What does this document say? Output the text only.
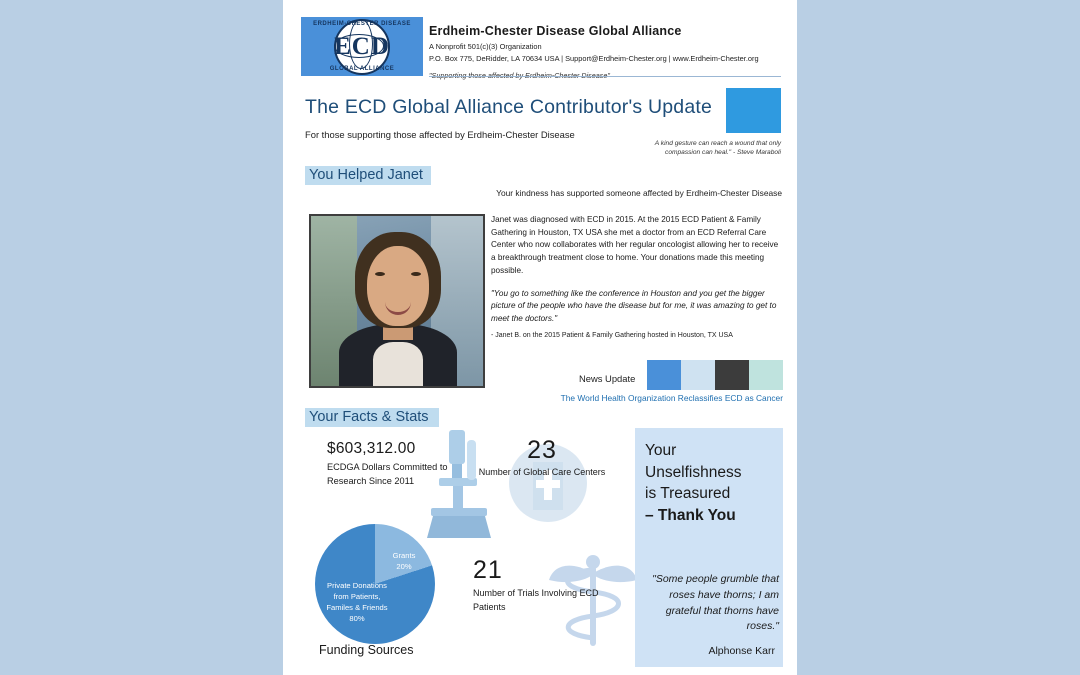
ERDHEIM-CHESTER DISEASE
ECD
GLOBAL ALLIANCE
Erdheim-Chester Disease Global Alliance
A Nonprofit 501(c)(3) Organization
P.O. Box 775, DeRidder, LA 70634 USA | Support@Erdheim-Chester.org | www.Erdheim-Chester.org
The ECD Global Alliance Contributor's Update
For those supporting those affected by Erdheim-Chester Disease
A kind gesture can reach a wound that only compassion can heal." - Steve Maraboli
You Helped Janet
Your kindness has supported someone affected by Erdheim-Chester Disease

Janet was diagnosed with ECD in 2015. At the 2015 ECD Patient & Family Gathering in Houston, TX USA she met a doctor from an ECD Referral Care Center who now collaborates with her regular oncologist allowing her to receive a breakthrough treatment close to home. Your donations made this meeting possible.

"You go to something like the conference in Houston and you get the bigger picture of the people who have the disease but for me, it was amazing to get to meet the doctors."

- Janet B. on the 2015 Patient & Family Gathering hosted in Houston, TX USA

News Update
The World Health Organization Reclassifies ECD as Cancer
Your Facts & Stats
$603,312.00
ECDGA Dollars Committed to Research Since 2011
23
Number of Global Care Centers
Grants
20%
Private Donations from Patients, Familes & Friends
80%
Funding Sources
21
Number of Trials Involving ECD Patients
Your
Unselfishness
is Treasured
– Thank You
"Some people grumble that roses have thorns; I am grateful that thorns have roses."
Alphonse Karr
